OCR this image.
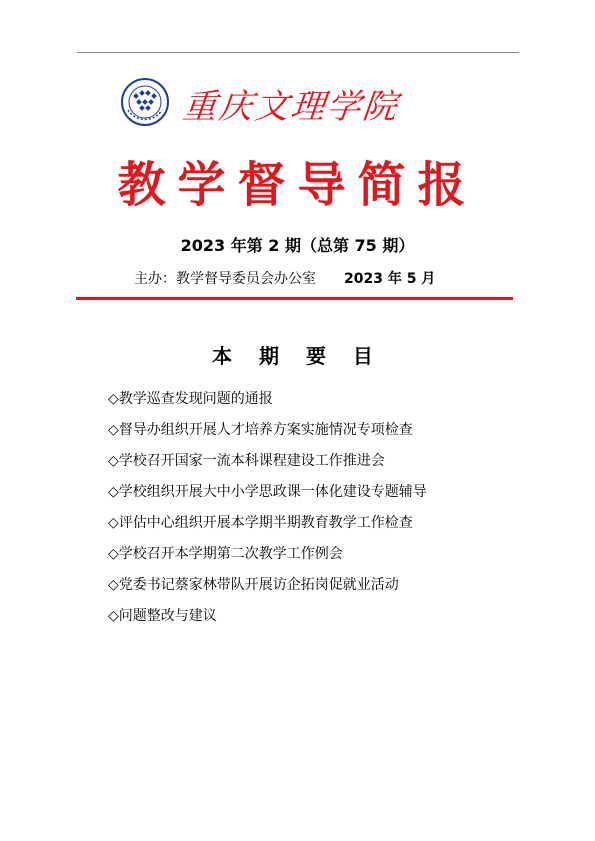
重庆文理学院
教学督导简报
2023 年第 2 期（总第 75 期）
主办：教学督导委员会办公室 2023 年 5 月
本 期 要 目
◇教学巡查发现问题的通报
◇督导办组织开展人才培养方案实施情况专项检查
◇学校召开国家一流本科课程建设工作推进会
◇学校组织开展大中小学思政课一体化建设专题辅导
◇评估中心组织开展本学期半期教育教学工作检查
◇学校召开本学期第二次教学工作例会
◇党委书记蔡家林带队开展访企拓岗促就业活动
◇问题整改与建议
